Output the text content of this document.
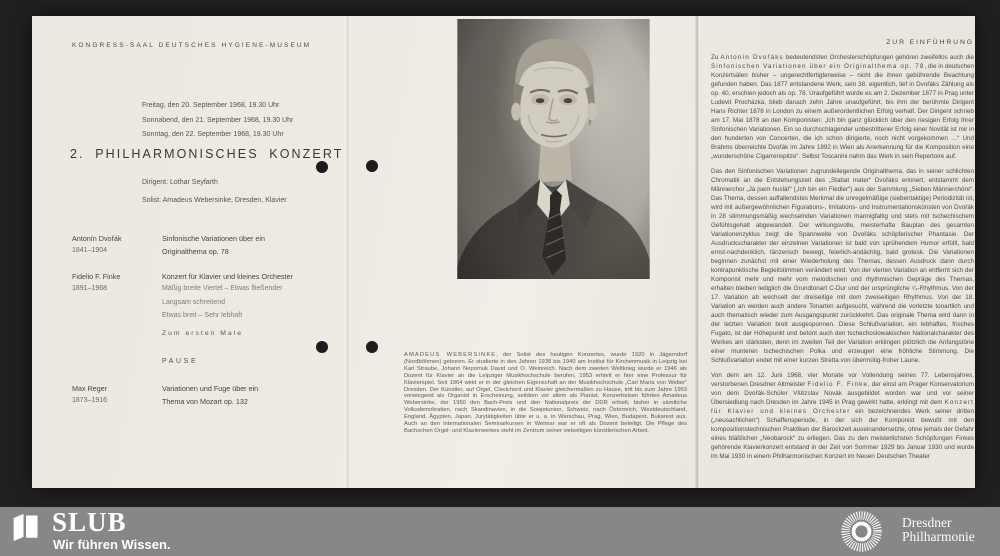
KONGRESS-SAAL DEUTSCHES HYGIENE-MUSEUM
Freitag, den 20. September 1968, 19.30 Uhr
Sonnabend, den 21. September 1968, 19.30 Uhr
Sonntag, den 22. September 1968, 19.30 Uhr
2. PHILHARMONISCHES KONZERT
Dirigent: Lothar Seyfarth
Solist: Amadeus Webersinke, Dresden, Klavier
Antonín Dvořák
1841–1904
Sinfonische Variationen über ein
Originalthema op. 78
Fidelio F. Finke
1891–1968
Konzert für Klavier und kleines Orchester
Mäßig breite Viertel – Etwas fließender
Langsam schreitend
Etwas breit – Sehr lebhaft
Zum ersten Male
PAUSE
Max Reger
1873–1916
Variationen und Fuge über ein
Thema von Mozart op. 132
AMADEUS WEBERSINKE, der Solist des heutigen Konzertes, wurde 1920 in Jägerndorf (Nordböhmen) geboren. Er studierte in den Jahren 1938 bis 1940 am Institut für Kirchenmusik in Leipzig bei Karl Straube, Johann Nepomuk David und O. Weinreich. Nach dem zweiten Weltkrieg wurde er 1946 als Dozent für Klavier an die Leipziger Musikhochschule berufen, 1953 erhielt er hier eine Professur für Klavierspiel. Seit 1964 wirkt er in der gleichen Eigenschaft an der Musikhochschule „Carl Maria von Weber“ Dresden. Der Künstler, auf Orgel, Clavichord und Klavier gleichermaßen zu Hause, tritt bis zum Jahre 1953 vorwiegend als Organist in Erscheinung, seitdem vor allem als Pianist. Konzertreisen führten Amadeus Webersinke, der 1950 den Bach-Preis und den Nationalpreis der DDR erhielt, bisher in sämtliche Volksdemokratien, nach Skandinavien, in die Sowjetunion, Schweiz, nach Österreich, Westdeutschland, England, Ägypten, Japan. Jurytätigkeiten übte er u. a. in Warschau, Prag, Wien, Budapest, Bukarest aus. Auch an den internationalen Seminarkursen in Weimar war er oft als Dozent beteiligt. Die Pflege des Bachschen Orgel- und Klavierwerkes steht im Zentrum seiner vielseitigen künstlerischen Arbeit.
ZUR EINFÜHRUNG

Zu Antonín Dvořáks bedeutendsten Orchesterschöpfungen gehören zweifellos auch die Sinfonischen Variationen über ein Originalthema op. 78, die in deutschen Konzertsälen bisher – ungerechtfertigterweise – nicht die ihnen gebührende Beachtung gefunden haben. Das 1877 entstandene Werk, sein 38. eigentlich, lief in Dvořáks Zählung als op. 40, erschien jedoch als op. 78. Uraufgeführt wurde es am 2. Dezember 1877 in Prag unter Ludevit Procházka, blieb danach zehn Jahre unaufgeführt, bis ihm der berühmte Dirigent Hans Richter 1878 in London zu einem außerordentlichen Erfolg verhalf. Der Dirigent schrieb am 17. Mai 1878 an den Komponisten: „Ich bin ganz glücklich über den riesigen Erfolg Ihrer Sinfonischen Variationen. Ein so durchschlagender unbestrittener Erfolg einer Novität ist mir in den hunderten von Concerten, die ich schon dirigierte, noch nicht vorgekommen …“ Und Brahms überreichte Dvořák im Jahre 1892 in Wien als Anerkennung für die Komposition eine „wunderschöne Cigarrenspitze“. Selbst Toscanini nahm das Werk in sein Repertoire auf.

Das den Sinfonischen Variationen zugrundeliegende Originalthema, das in seiner schlichten Chromatik an die Entstehungszeit des „Stabat mater“ Dvořáks erinnert, entstammt dem Männerchor „Já jsem huslář“ („Ich bin ein Fiedler“) aus der Sammlung „Sieben Männerchöre“. Das Thema, dessen auffallendstes Merkmal die unregelmäßige (siebentaktige) Periodizität ist, wird mit außergewöhnlichen Figurations-, Imitations- und Instrumentationskünsten von Dvořák in 28 stimmungsmäßig wechselnden Variationen mannigfaltig und stets mit tschechischem Gefühlsgehalt abgewandelt. Der wirkungsvolle, meisterhafte Bauplan des gesamten Variationenzyklus zeigt die Spannweite von Dvořáks schöpferischer Phantasie. Der Ausdruckscharakter der einzelnen Variationen ist bald von sprühendem Humor erfüllt, bald ernst-nachdenklich, tänzerisch bewegt, feierlich-andächtig, bald grotesk. Die Variationen beginnen zunächst mit einer Wiederholung des Themas, dessen Ausdruck dann durch kontrapunktische Begleitstimmen verändert wird. Von der vierten Variation an entfernt sich der Komponist mehr und mehr vom melodischen und rhythmischen Gepräge des Themas, erhalten bleiben lediglich die Grundtonart C-Dur und der ursprüngliche ⁷⁄₄-Rhythmus. Von der 17. Variation ab wechselt der dreiseitige mit dem zweiseitigen Rhythmus. Von der 18. Variation an werden auch andere Tonarten aufgesucht, während die vorletzte tonartlich und auch thematisch wieder zum Ausgangspunkt zurückkehrt. Das originale Thema wird dann in der letzten Variation breit ausgesponnen. Diese Schlußvariation, ein lebhaftes, frisches Fugato, ist der Höhepunkt und betont auch den tschechoslowakischen Nationalcharakter des Werkes am stärksten, denn im zweiten Teil der Variation erklingen plötzlich die Anfangstöne einer munteren tschechischen Polka und erzeugen eine fröhliche Stimmung. Die Schlußvariation endet mit einer kurzen Stretta von übermütig-froher Laune.

Von dem am 12. Juni 1968, vier Monate vor Vollendung seines 77. Lebensjahres, verstorbenen Dresdner Altmeister Fidelio F. Finke, der einst am Prager Konservatorium von dem Dvořák-Schüler Vítězslav Novák ausgebildet worden war und vor seiner Übersiedlung nach Dresden im Jahre 1945 in Prag gewirkt hatte, erklingt mit dem Konzert für Klavier und kleines Orchester ein bezeichnendes Werk seiner dritten („neusachlichen“) Schaffensperiode, in der sich der Komponist bewußt mit den kompositionstechnischen Praktiken der Barockzeit auseinandersetzte, ohne jemals der Gefahr eines bläßlichen „Neobarock“ zu erliegen. Das zu den meisterlichsten Schöpfungen Finkes gehörende Klavierkonzert entstand in der Zeit von Sommer 1929 bis Januar 1930 und wurde im Mai 1930 in einem Philharmonischen Konzert im Neuen Deutschen Theater

SLUB
Wir führen Wissen.
Dresdner
Philharmonie
